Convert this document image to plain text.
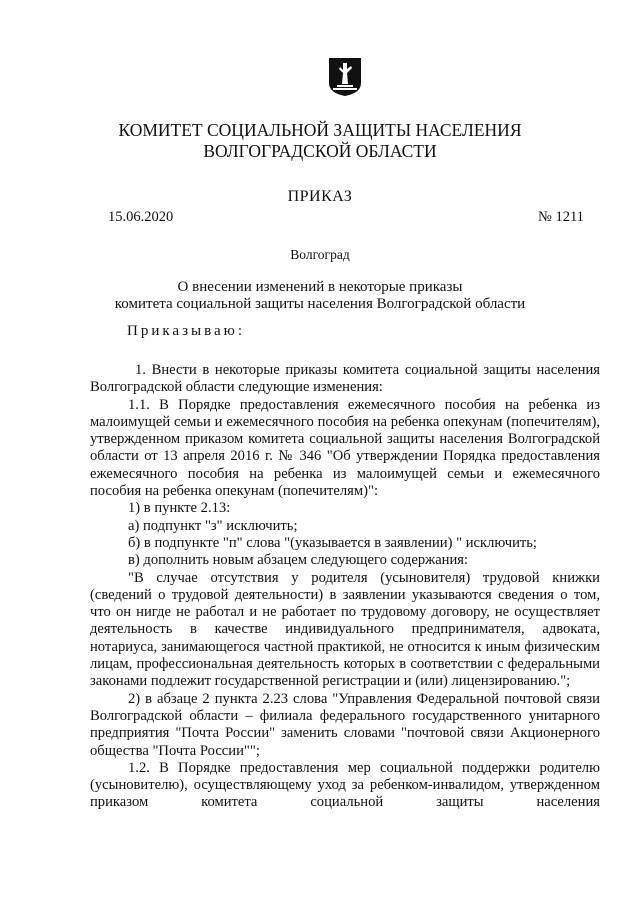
КОМИТЕТ СОЦИАЛЬНОЙ ЗАЩИТЫ НАСЕЛЕНИЯ
ВОЛГОГРАДСКОЙ ОБЛАСТИ
ПРИКАЗ
15.06.2020	№ 1211
Волгоград
О внесении изменений в некоторые приказы
комитета социальной защиты населения Волгоградской области
Приказываю:

1. Внести в некоторые приказы комитета социальной защиты населения Волгоградской области следующие изменения:

1.1. В Порядке предоставления ежемесячного пособия на ребенка из малоимущей семьи и ежемесячного пособия на ребенка опекунам (попечителям), утвержденном приказом комитета социальной защиты населения Волгоградской области от 13 апреля 2016 г. № 346 "Об утверждении Порядка предоставления ежемесячного пособия на ребенка из малоимущей семьи и ежемесячного пособия на ребенка опекунам (попечителям)":

1) в пункте 2.13:

а) подпункт "з" исключить;

б) в подпункте "п" слова "(указывается в заявлении) " исключить;

в) дополнить новым абзацем следующего содержания:

"В случае отсутствия у родителя (усыновителя) трудовой книжки (сведений о трудовой деятельности) в заявлении указываются сведения о том, что он нигде не работал и не работает по трудовому договору, не осуществляет деятельность в качестве индивидуального предпринимателя, адвоката, нотариуса, занимающегося частной практикой, не относится к иным физическим лицам, профессиональная деятельность которых в соответствии с федеральными законами подлежит государственной регистрации и (или) лицензированию.";

2) в абзаце 2 пункта 2.23 слова "Управления Федеральной почтовой связи Волгоградской области – филиала федерального государственного унитарного предприятия "Почта России" заменить словами "почтовой связи Акционерного общества "Почта России"";

1.2. В Порядке предоставления мер социальной поддержки родителю (усыновителю), осуществляющему уход за ребенком-инвалидом, утвержденном приказом комитета социальной защиты населения
